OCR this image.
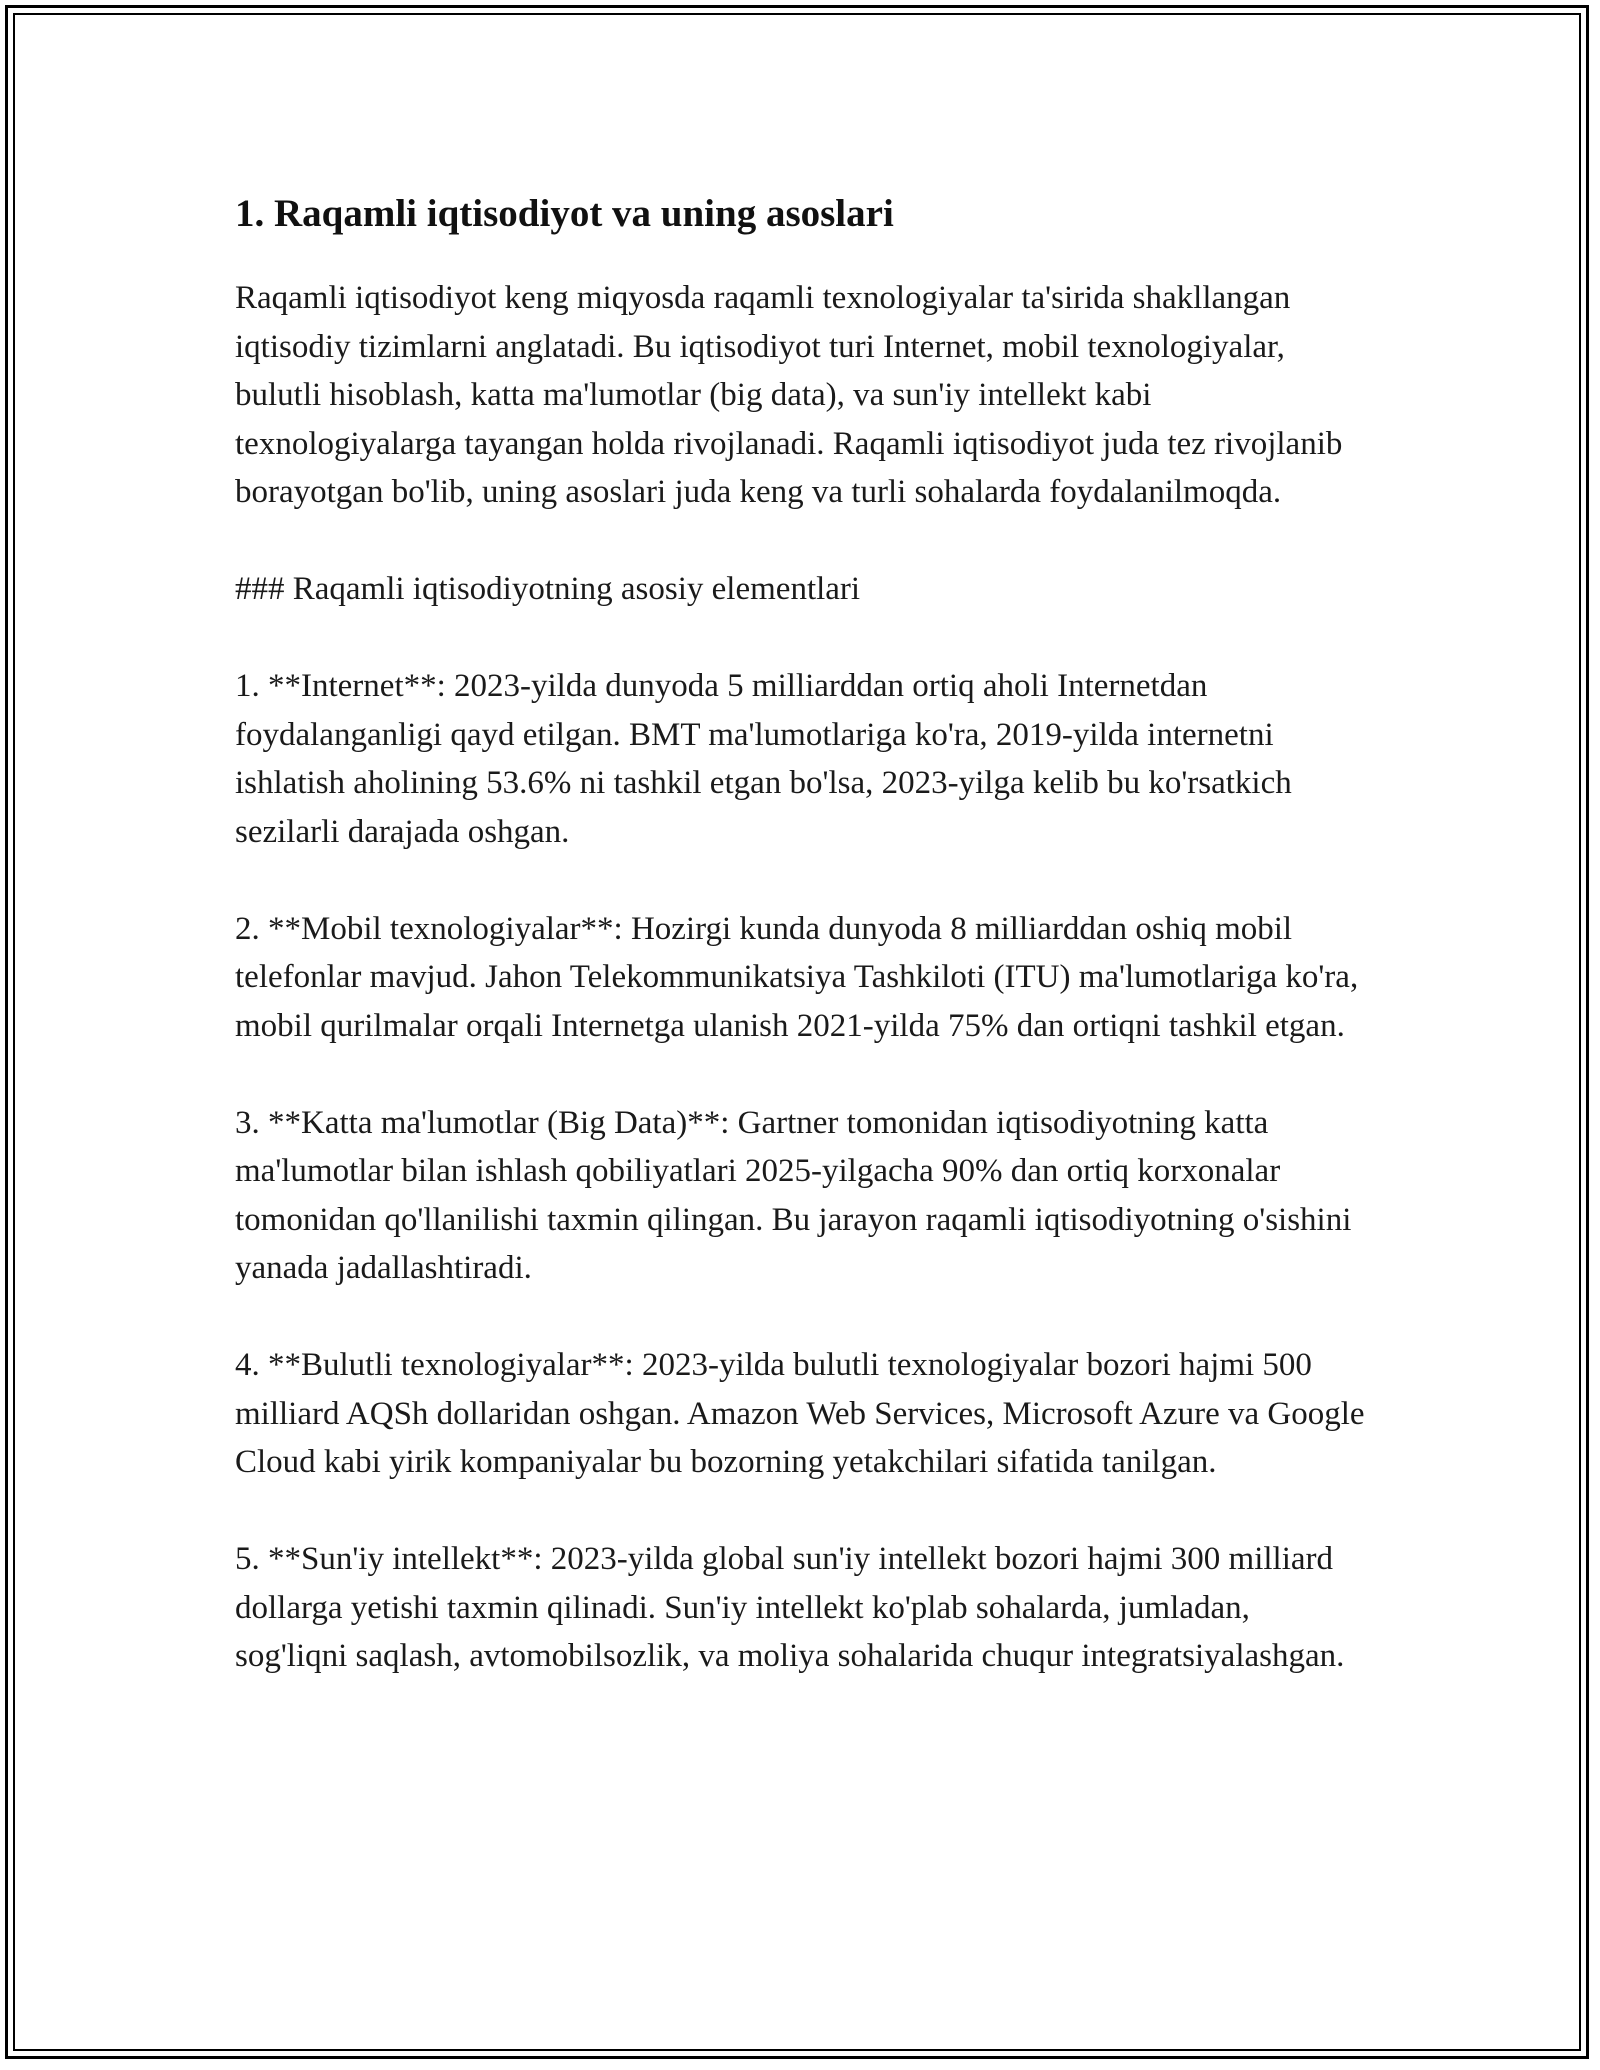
1. Raqamli iqtisodiyot va uning asoslari

Raqamli iqtisodiyot keng miqyosda raqamli texnologiyalar ta'sirida shakllangan iqtisodiy tizimlarni anglatadi. Bu iqtisodiyot turi Internet, mobil texnologiyalar, bulutli hisoblash, katta ma'lumotlar (big data), va sun'iy intellekt kabi texnologiyalarga tayangan holda rivojlanadi. Raqamli iqtisodiyot juda tez rivojlanib borayotgan bo'lib, uning asoslari juda keng va turli sohalarda foydalanilmoqda.

### Raqamli iqtisodiyotning asosiy elementlari

1. **Internet**: 2023-yilda dunyoda 5 milliarddan ortiq aholi Internetdan foydalanganligi qayd etilgan. BMT ma'lumotlariga ko'ra, 2019-yilda internetni ishlatish aholining 53.6% ni tashkil etgan bo'lsa, 2023-yilga kelib bu ko'rsatkich sezilarli darajada oshgan.

2. **Mobil texnologiyalar**: Hozirgi kunda dunyoda 8 milliarddan oshiq mobil telefonlar mavjud. Jahon Telekommunikatsiya Tashkiloti (ITU) ma'lumotlariga ko'ra, mobil qurilmalar orqali Internetga ulanish 2021-yilda 75% dan ortiqni tashkil etgan.

3. **Katta ma'lumotlar (Big Data)**: Gartner tomonidan iqtisodiyotning katta ma'lumotlar bilan ishlash qobiliyatlari 2025-yilgacha 90% dan ortiq korxonalar tomonidan qo'llanilishi taxmin qilingan. Bu jarayon raqamli iqtisodiyotning o'sishini yanada jadallashtiradi.

4. **Bulutli texnologiyalar**: 2023-yilda bulutli texnologiyalar bozori hajmi 500 milliard AQSh dollaridan oshgan. Amazon Web Services, Microsoft Azure va Google Cloud kabi yirik kompaniyalar bu bozorning yetakchilari sifatida tanilgan.

5. **Sun'iy intellekt**: 2023-yilda global sun'iy intellekt bozori hajmi 300 milliard dollarga yetishi taxmin qilinadi. Sun'iy intellekt ko'plab sohalarda, jumladan, sog'liqni saqlash, avtomobilsozlik, va moliya sohalarida chuqur integratsiyalashgan.
